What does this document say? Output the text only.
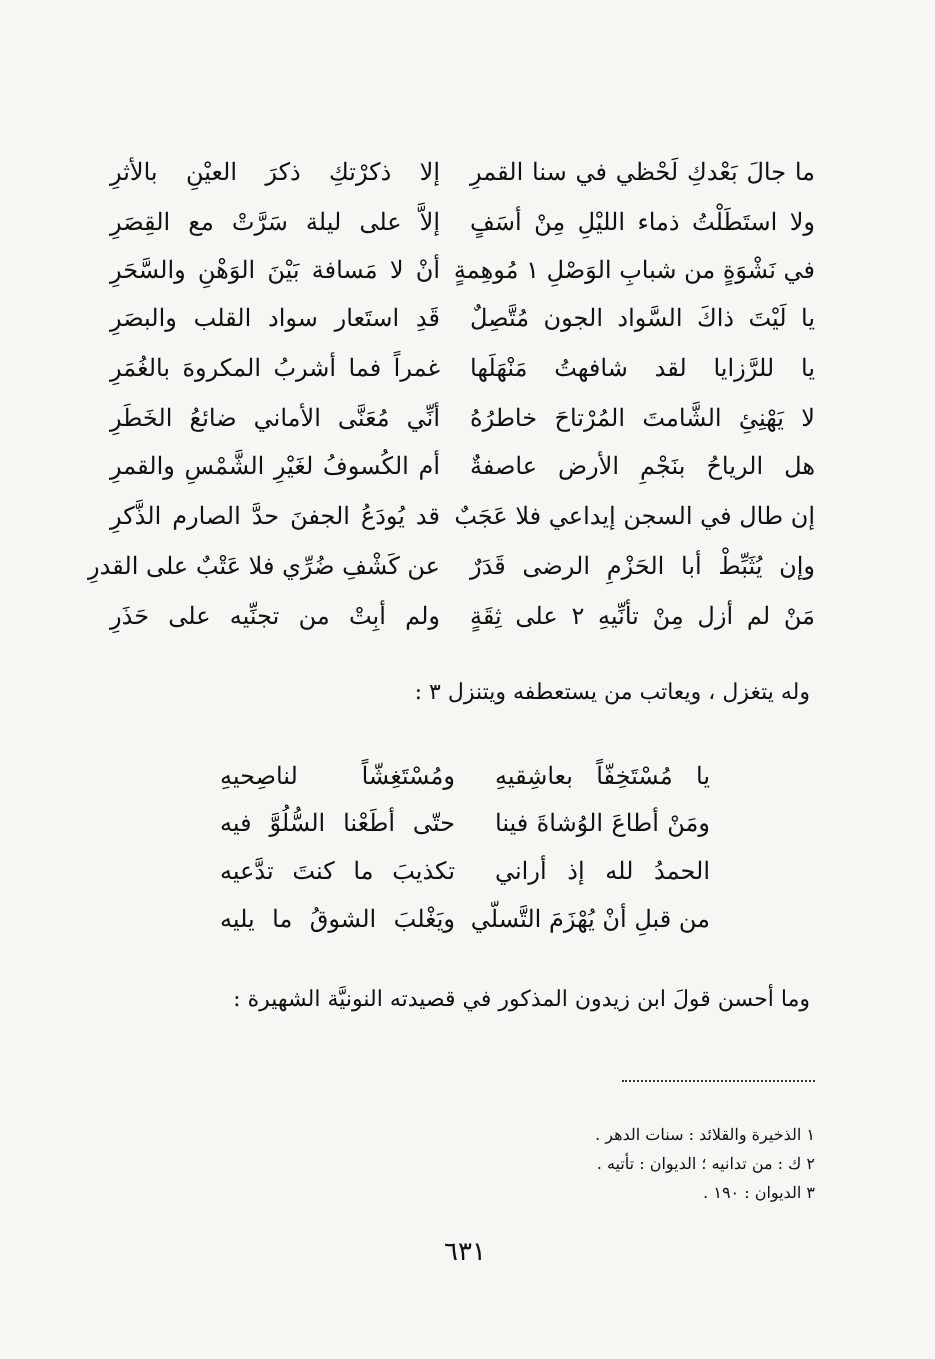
ما جالَ بَعْدكِ لَحْظي في سنا القمرِ
إلا ذكرْتكِ ذكرَ العيْنِ بالأثرِ
ولا استَطَلْتُ ذماء الليْلِ مِنْ أسَفٍ
إلاَّ على ليلة سَرَّتْ مع القِصَرِ
في نَشْوَةٍ من شبابِ الوَصْلِ ١ مُوهِمةٍ
أنْ لا مَسافة بَيْنَ الوَهْنِ والسَّحَرِ
يا لَيْتَ ذاكَ السَّواد الجون مُتَّصِلٌ
قَدِ استَعار سواد القلب والبصَرِ
يا للرَّزايا لقد شافهتُ مَنْهَلَها
غمراً فما أشربُ المكروهَ بالغُمَرِ
لا يَهْنِئِ الشَّامتَ المُرْتاحَ خاطرُهُ
أنِّي مُعَنَّى الأماني ضائعُ الخَطَرِ
هل الرياحُ بنَجْمِ الأرض عاصفةٌ
أم الكُسوفُ لغَيْرِ الشَّمْسِ والقمرِ
إن طال في السجن إيداعي فلا عَجَبٌ
قد يُودَعُ الجفنَ حدَّ الصارم الذَّكرِ
وإن يُثَبِّطْ أبا الحَزْمِ الرضى قَدَرٌ
عن كَشْفِ ضُرِّي فلا عَتْبٌ على القدرِ
مَنْ لم أزل مِنْ تأنِّيهِ ٢ على ثِقَةٍ
ولم أبِتْ من تجنِّيه على حَذَرِ
وله يتغزل ، ويعاتب من يستعطفه ويتنزل ٣ :
يا مُسْتَخِفّاً بعاشِقيهِ
ومُسْتَغِشّاً لناصِحيهِ
ومَنْ أطاعَ الوُشاةَ فينا
حتّى أطَعْنا السُّلُوَّ فيه
الحمدُ لله إذ أراني
تكذيبَ ما كنتَ تدَّعيه
من قبلِ أنْ يُهْزَمَ التَّسلّي
ويَغْلبَ الشوقُ ما يليه
وما أحسن قولَ ابن زيدون المذكور في قصيدته النونيَّة الشهيرة :
١ الذخيرة والقلائد : سنات الدهر .
٢ ك : من تدانيه ؛ الديوان : تأتيه .
٣ الديوان : ١٩٠ .
٦٣١
